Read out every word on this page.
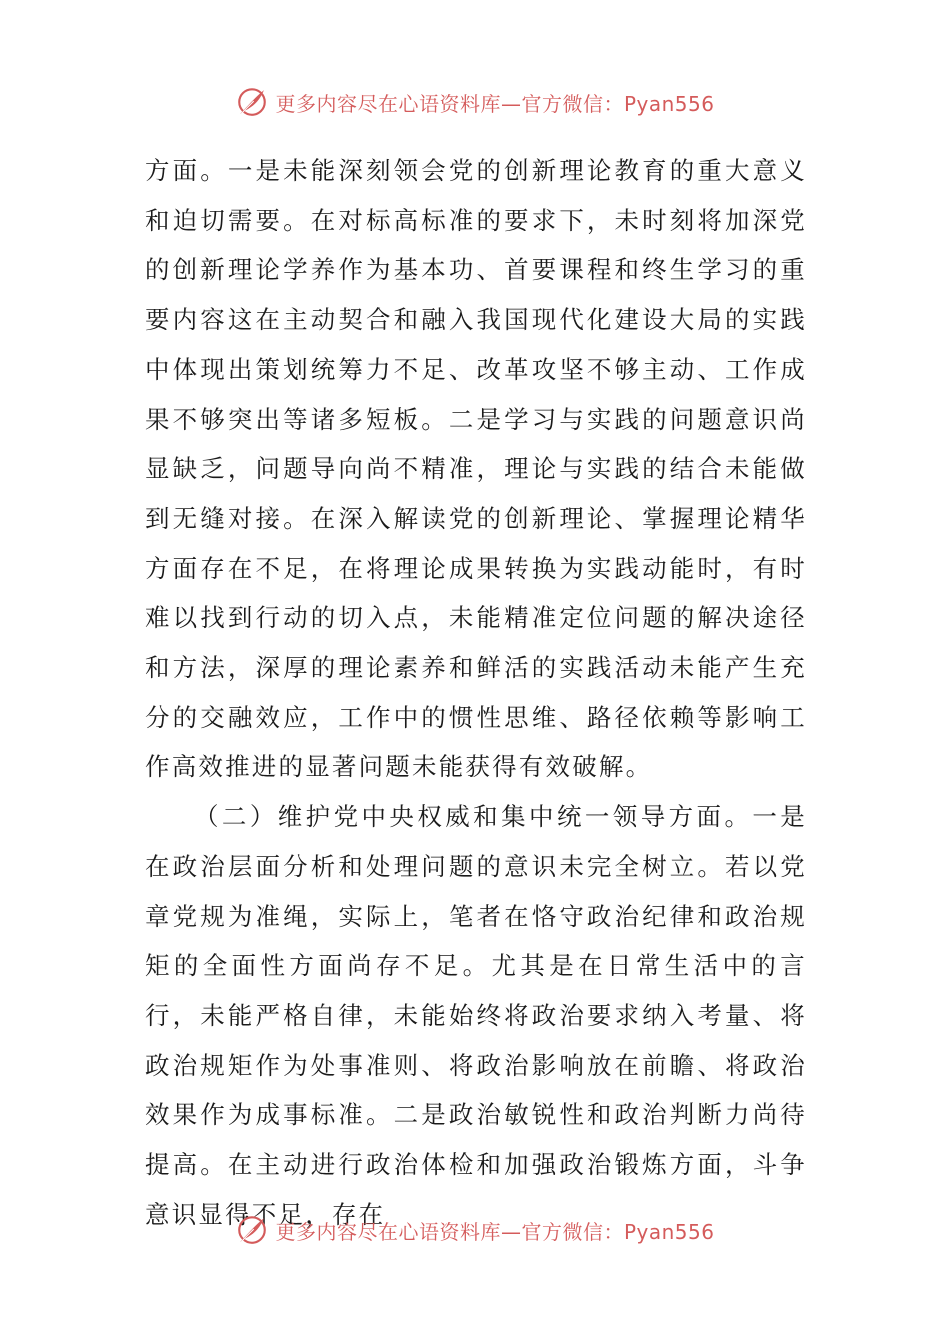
更多内容尽在心语资料库—官方微信：Pyan556

方面。一是未能深刻领会党的创新理论教育的重大意义和迫切需要。在对标高标准的要求下，未时刻将加深党的创新理论学养作为基本功、首要课程和终生学习的重要内容这在主动契合和融入我国现代化建设大局的实践中体现出策划统筹力不足、改革攻坚不够主动、工作成果不够突出等诸多短板。二是学习与实践的问题意识尚显缺乏，问题导向尚不精准，理论与实践的结合未能做到无缝对接。在深入解读党的创新理论、掌握理论精华方面存在不足，在将理论成果转换为实践动能时，有时难以找到行动的切入点，未能精准定位问题的解决途径和方法，深厚的理论素养和鲜活的实践活动未能产生充分的交融效应，工作中的惯性思维、路径依赖等影响工作高效推进的显著问题未能获得有效破解。

（二）维护党中央权威和集中统一领导方面。一是在政治层面分析和处理问题的意识未完全树立。若以党章党规为准绳，实际上，笔者在恪守政治纪律和政治规矩的全面性方面尚存不足。尤其是在日常生活中的言行，未能严格自律，未能始终将政治要求纳入考量、将政治规矩作为处事准则、将政治影响放在前瞻、将政治效果作为成事标准。二是政治敏锐性和政治判断力尚待提高。在主动进行政治体检和加强政治锻炼方面，斗争意识显得不足，存在

更多内容尽在心语资料库—官方微信：Pyan556
